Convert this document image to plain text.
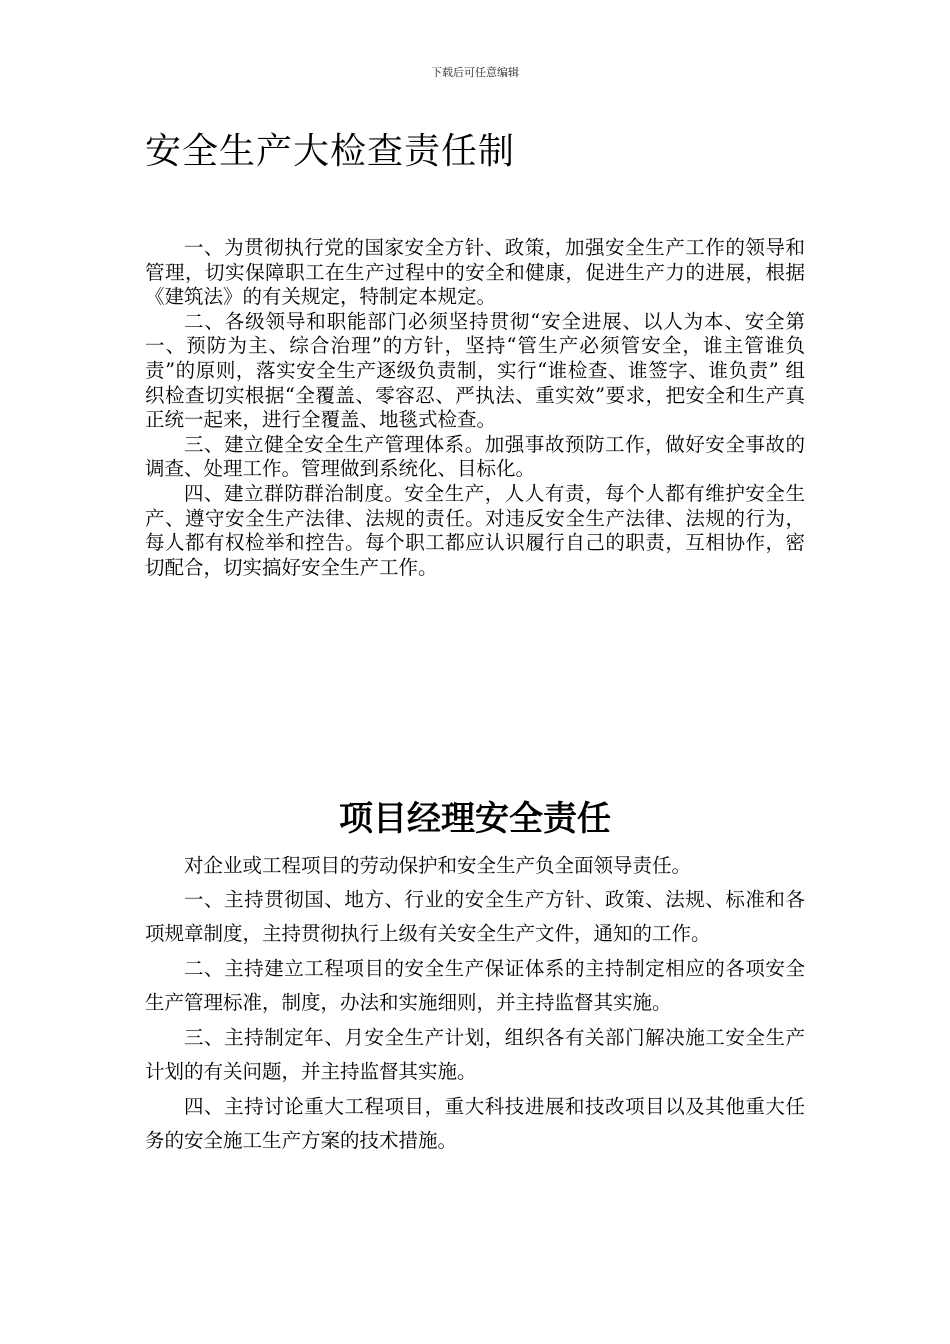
下载后可任意编辑
安全生产大检查责任制

一、为贯彻执行党的国家安全方针、政策，加强安全生产工作的领导和管理，切实保障职工在生产过程中的安全和健康，促进生产力的进展，根据《建筑法》的有关规定，特制定本规定。

二、各级领导和职能部门必须坚持贯彻“安全进展、以人为本、安全第一、预防为主、综合治理”的方针，坚持“管生产必须管安全，谁主管谁负责”的原则，落实安全生产逐级负责制，实行“谁检查、谁签字、谁负责” 组织检查切实根据“全覆盖、零容忍、严执法、重实效”要求，把安全和生产真正统一起来，进行全覆盖、地毯式检查。

三、建立健全安全生产管理体系。加强事故预防工作，做好安全事故的调查、处理工作。管理做到系统化、目标化。

四、建立群防群治制度。安全生产，人人有责，每个人都有维护安全生产、遵守安全生产法律、法规的责任。对违反安全生产法律、法规的行为，每人都有权检举和控告。每个职工都应认识履行自己的职责，互相协作，密切配合，切实搞好安全生产工作。

项目经理安全责任

对企业或工程项目的劳动保护和安全生产负全面领导责任。

一、主持贯彻国、地方、行业的安全生产方针、政策、法规、标准和各项规章制度，主持贯彻执行上级有关安全生产文件，通知的工作。

二、主持建立工程项目的安全生产保证体系的主持制定相应的各项安全生产管理标准，制度，办法和实施细则，并主持监督其实施。

三、主持制定年、月安全生产计划，组织各有关部门解决施工安全生产计划的有关问题，并主持监督其实施。

四、主持讨论重大工程项目，重大科技进展和技改项目以及其他重大任务的安全施工生产方案的技术措施。
